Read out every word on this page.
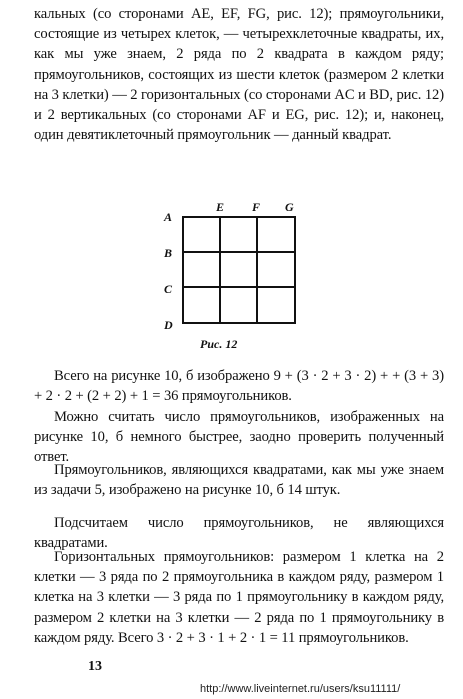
кальных (со сторонами AE, EF, FG, рис. 12); прямоугольники, состоящие из четырех клеток, — четырехклеточные квадраты, их, как мы уже знаем, 2 ряда по 2 квадрата в каждом ряду; прямоугольников, состоящих из шести клеток (размером 2 клетки на 3 клетки) — 2 горизонтальных (со сторонами AC и BD, рис. 12) и 2 вертикальных (со сторонами AF и EG, рис. 12); и, наконец, один девятиклеточный прямоугольник — данный квадрат.

E F G
A
B
C
D
Рис. 12

Всего на рисунке 10, б изображено 9 + (3 · 2 + 3 · 2) + + (3 + 3) + 2 · 2 + (2 + 2) + 1 = 36 прямоугольников.

Можно считать число прямоугольников, изображенных на рисунке 10, б немного быстрее, заодно проверить полученный ответ.

Прямоугольников, являющихся квадратами, как мы уже знаем из задачи 5, изображено на рисунке 10, б 14 штук.

Подсчитаем число прямоугольников, не являющихся квадратами.

Горизонтальных прямоугольников: размером 1 клетка на 2 клетки — 3 ряда по 2 прямоугольника в каждом ряду, размером 1 клетка на 3 клетки — 3 ряда по 1 прямоугольнику в каждом ряду, размером 2 клетки на 3 клетки — 2 ряда по 1 прямоугольнику в каждом ряду. Всего 3 · 2 + 3 · 1 + 2 · 1 = 11 прямоугольников.

13
http://www.liveinternet.ru/users/ksu11111/
